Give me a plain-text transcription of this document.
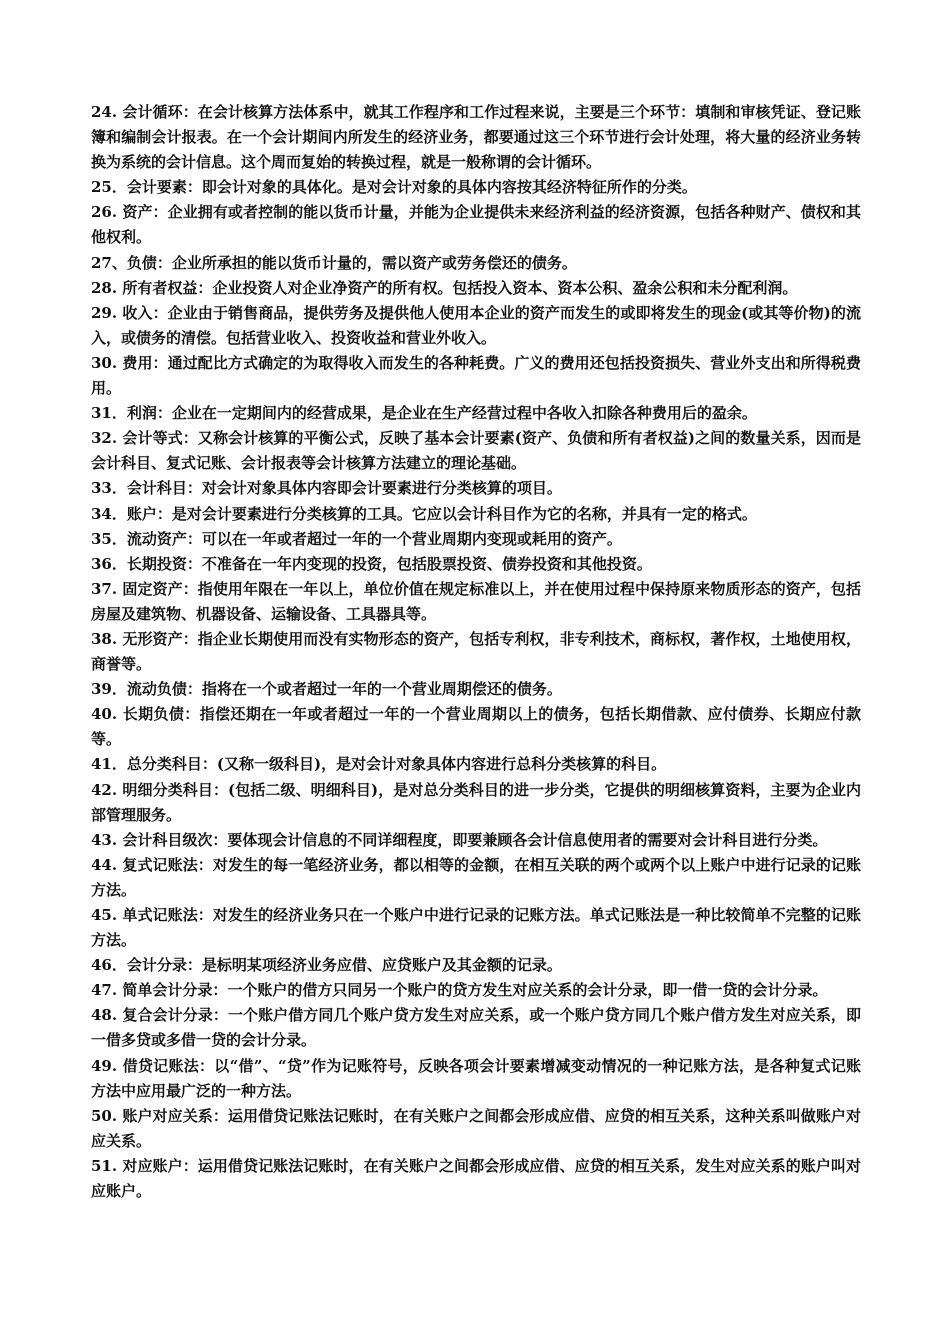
24. 会计循环：在会计核算方法体系中，就其工作程序和工作过程来说，主要是三个环节：填制和审核凭证、登记账簿和编制会计报表。在一个会计期间内所发生的经济业务，都要通过这三个环节进行会计处理，将大量的经济业务转换为系统的会计信息。这个周而复始的转换过程，就是一般称谓的会计循环。

25．会计要素：即会计对象的具体化。是对会计对象的具体内容按其经济特征所作的分类。

26. 资产：企业拥有或者控制的能以货币计量，并能为企业提供未来经济利益的经济资源，包括各种财产、债权和其他权利。

27、负债：企业所承担的能以货币计量的，需以资产或劳务偿还的债务。

28. 所有者权益：企业投资人对企业净资产的所有权。包括投入资本、资本公积、盈余公积和未分配利润。

29. 收入：企业由于销售商品，提供劳务及提供他人使用本企业的资产而发生的或即将发生的现金(或其等价物)的流入，或债务的清偿。包括营业收入、投资收益和营业外收入。

30. 费用：通过配比方式确定的为取得收入而发生的各种耗费。广义的费用还包括投资损失、营业外支出和所得税费用。

31．利润：企业在一定期间内的经营成果，是企业在生产经营过程中各收入扣除各种费用后的盈余。

32. 会计等式：又称会计核算的平衡公式，反映了基本会计要素(资产、负债和所有者权益)之间的数量关系，因而是会计科目、复式记账、会计报表等会计核算方法建立的理论基础。

33．会计科目：对会计对象具体内容即会计要素进行分类核算的项目。

34．账户：是对会计要素进行分类核算的工具。它应以会计科目作为它的名称，并具有一定的格式。

35．流动资产：可以在一年或者超过一年的一个营业周期内变现或耗用的资产。

36．长期投资：不准备在一年内变现的投资，包括股票投资、债券投资和其他投资。

37. 固定资产：指使用年限在一年以上，单位价值在规定标准以上，并在使用过程中保持原来物质形态的资产，包括房屋及建筑物、机器设备、运输设备、工具器具等。

38. 无形资产：指企业长期使用而没有实物形态的资产，包括专利权，非专利技术，商标权，著作权，土地使用权，商誉等。

39．流动负债：指将在一个或者超过一年的一个营业周期偿还的债务。

40. 长期负债：指偿还期在一年或者超过一年的一个营业周期以上的债务，包括长期借款、应付债券、长期应付款等。

41．总分类科目：(又称一级科目)，是对会计对象具体内容进行总科分类核算的科目。

42. 明细分类科目：(包括二级、明细科目)，是对总分类科目的进一步分类，它提供的明细核算资料，主要为企业内部管理服务。

43. 会计科目级次：要体现会计信息的不同详细程度，即要兼顾各会计信息使用者的需要对会计科目进行分类。

44. 复式记账法：对发生的每一笔经济业务，都以相等的金额，在相互关联的两个或两个以上账户中进行记录的记账方法。

45. 单式记账法：对发生的经济业务只在一个账户中进行记录的记账方法。单式记账法是一种比较简单不完整的记账方法。

46．会计分录：是标明某项经济业务应借、应贷账户及其金额的记录。

47. 简单会计分录：一个账户的借方只同另一个账户的贷方发生对应关系的会计分录，即一借一贷的会计分录。

48. 复合会计分录：一个账户借方同几个账户贷方发生对应关系，或一个账户贷方同几个账户借方发生对应关系，即一借多贷或多借一贷的会计分录。

49. 借贷记账法：以“借”、“贷”作为记账符号，反映各项会计要素增减变动情况的一种记账方法，是各种复式记账方法中应用最广泛的一种方法。

50. 账户对应关系：运用借贷记账法记账时，在有关账户之间都会形成应借、应贷的相互关系，这种关系叫做账户对应关系。

51. 对应账户：运用借贷记账法记账时，在有关账户之间都会形成应借、应贷的相互关系，发生对应关系的账户叫对应账户。
